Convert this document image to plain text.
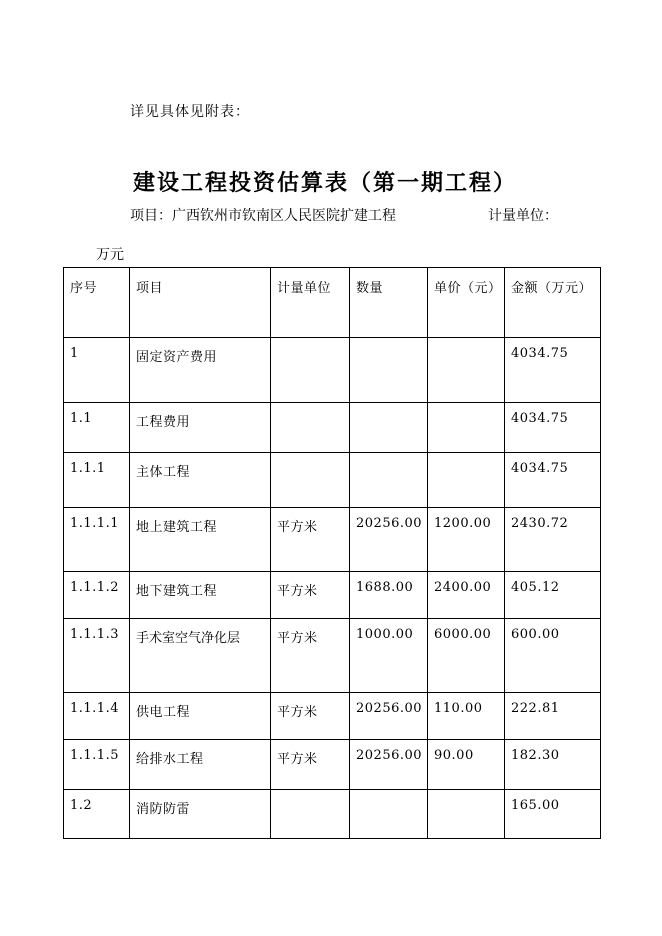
详见具体见附表：
建设工程投资估算表（第一期工程）
项目：广西钦州市钦南区人民医院扩建工程	计量单位：
万元
序号	项目	计量单位	数量	单价（元）	金额（万元）
1	固定资产费用				4034.75
1.1	工程费用				4034.75
1.1.1	主体工程				4034.75
1.1.1.1	地上建筑工程	平方米	20256.00	1200.00	2430.72
1.1.1.2	地下建筑工程	平方米	1688.00	2400.00	405.12
1.1.1.3	手术室空气净化层	平方米	1000.00	6000.00	600.00
1.1.1.4	供电工程	平方米	20256.00	110.00	222.81
1.1.1.5	给排水工程	平方米	20256.00	90.00	182.30
1.2	消防防雷				165.00
